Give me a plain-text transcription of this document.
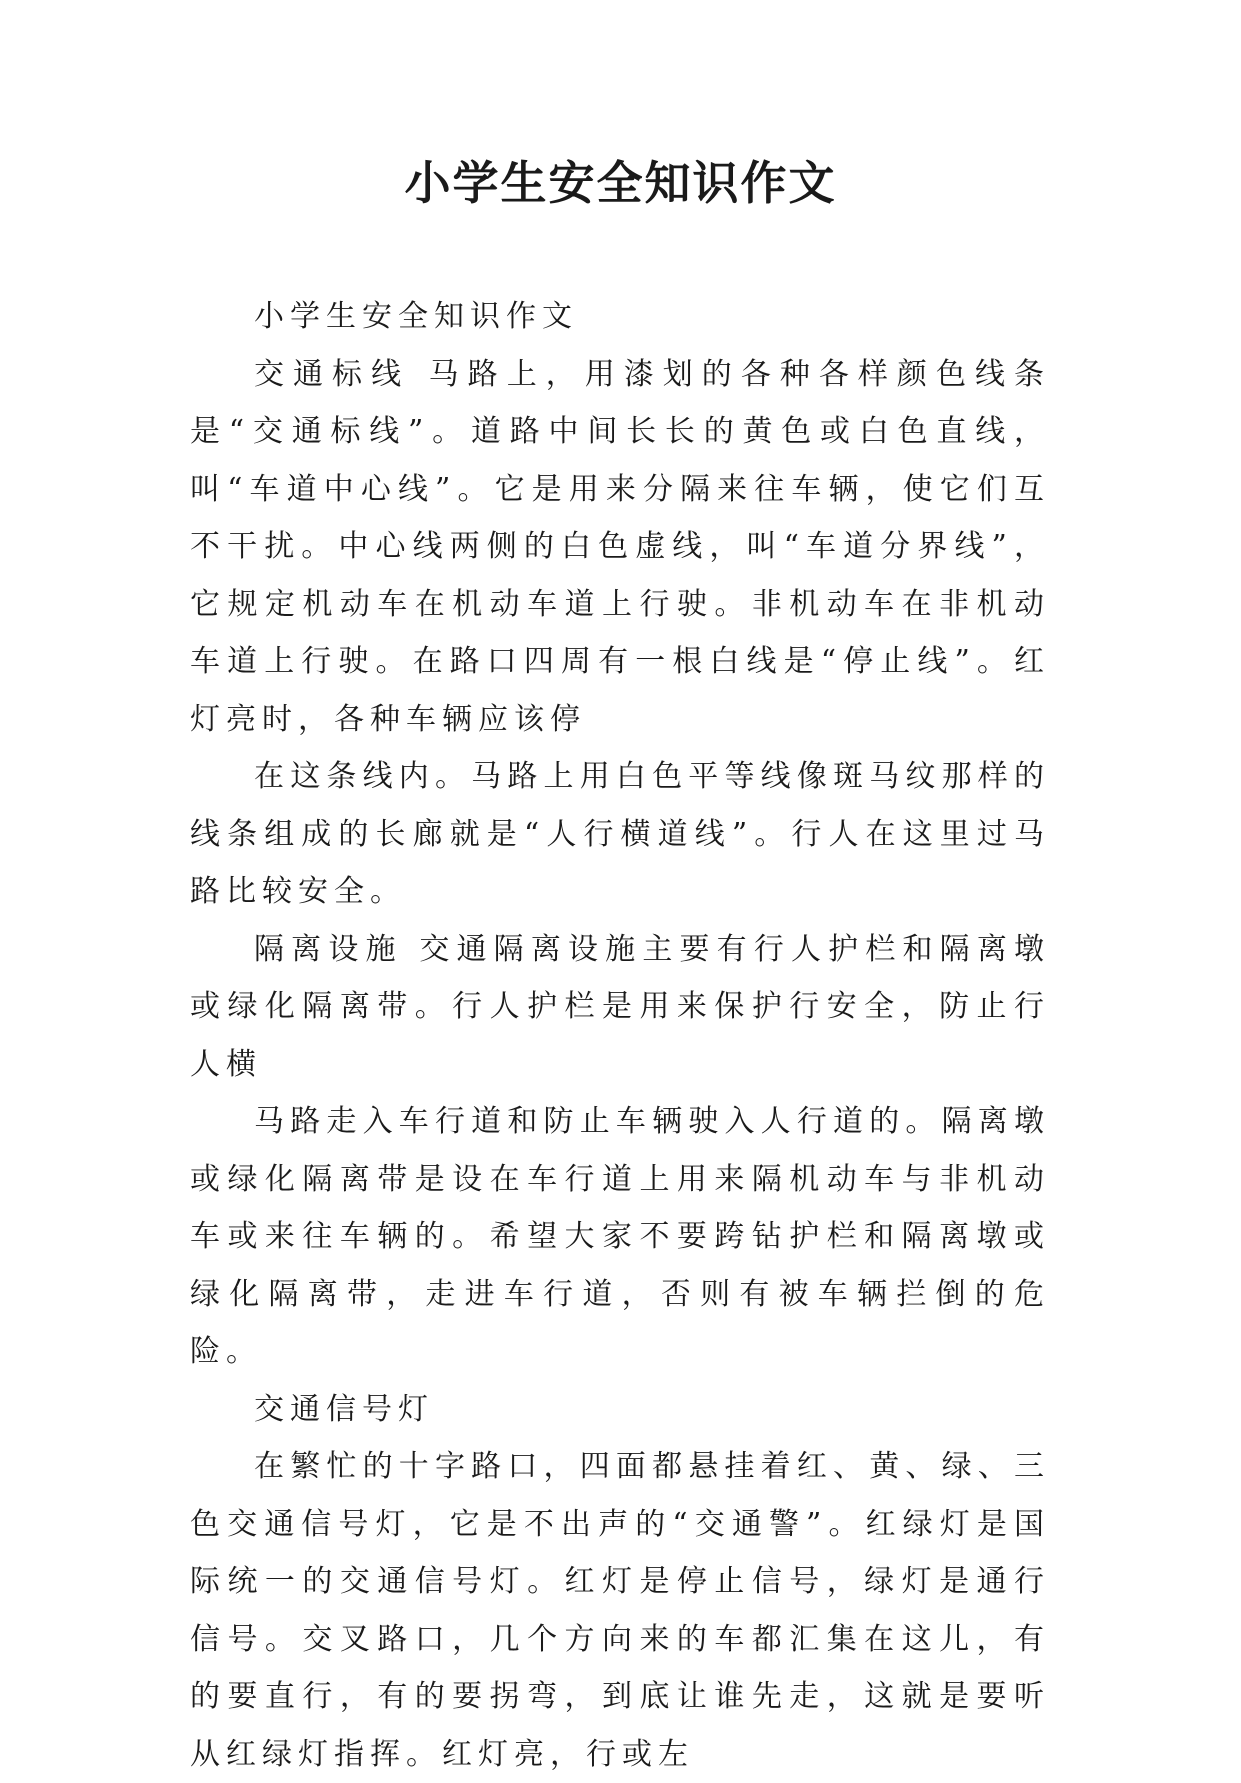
小学生安全知识作文

小学生安全知识作文

交通标线 马路上，用漆划的各种各样颜色线条是“交通标线”。道路中间长长的黄色或白色直线，叫“车道中心线”。它是用来分隔来往车辆，使它们互不干扰。中心线两侧的白色虚线，叫“车道分界线”，它规定机动车在机动车道上行驶。非机动车在非机动车道上行驶。在路口四周有一根白线是“停止线”。红灯亮时，各种车辆应该停

在这条线内。马路上用白色平等线像斑马纹那样的线条组成的长廊就是“人行横道线”。行人在这里过马路比较安全。

隔离设施 交通隔离设施主要有行人护栏和隔离墩或绿化隔离带。行人护栏是用来保护行安全，防止行人横

马路走入车行道和防止车辆驶入人行道的。隔离墩或绿化隔离带是设在车行道上用来隔机动车与非机动车或来往车辆的。希望大家不要跨钻护栏和隔离墩或绿化隔离带，走进车行道，否则有被车辆拦倒的危险。

交通信号灯

在繁忙的十字路口，四面都悬挂着红、黄、绿、三色交通信号灯，它是不出声的“交通警”。红绿灯是国际统一的交通信号灯。红灯是停止信号，绿灯是通行信号。交叉路口，几个方向来的车都汇集在这儿，有的要直行，有的要拐弯，到底让谁先走，这就是要听从红绿灯指挥。红灯亮，行或左
